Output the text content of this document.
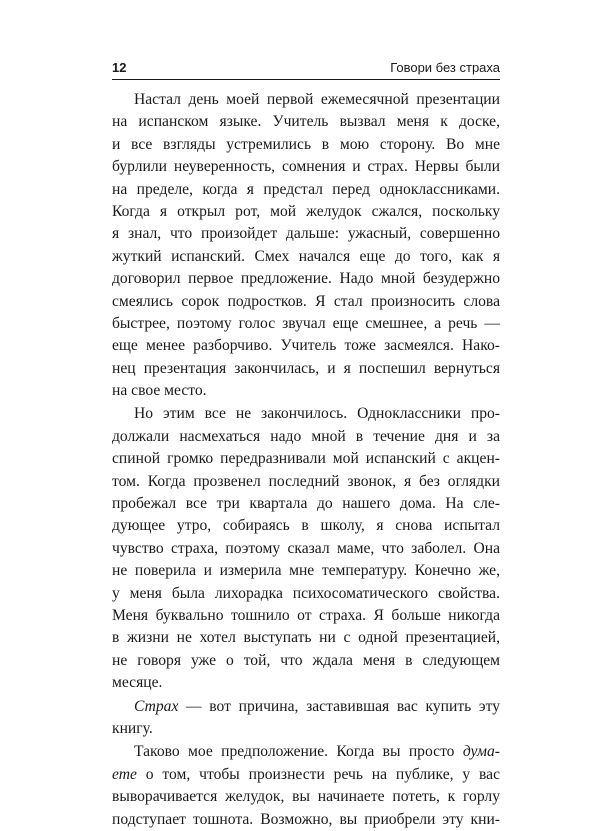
12	Говори без страха
Настал день моей первой ежемесячной презентации
на испанском языке. Учитель вызвал меня к доске,
и все взгляды устремились в мою сторону. Во мне
бурлили неуверенность, сомнения и страх. Нервы были
на пределе, когда я предстал перед одноклассниками.
Когда я открыл рот, мой желудок сжался, поскольку
я знал, что произойдет дальше: ужасный, совершенно
жуткий испанский. Смех начался еще до того, как я
договорил первое предложение. Надо мной безудержно
смеялись сорок подростков. Я стал произносить слова
быстрее, поэтому голос звучал еще смешнее, а речь —
еще менее разборчиво. Учитель тоже засмеялся. Нако-
нец презентация закончилась, и я поспешил вернуться
на свое место.
Но этим все не закончилось. Одноклассники про-
должали насмехаться надо мной в течение дня и за
спиной громко передразнивали мой испанский с акцен-
том. Когда прозвенел последний звонок, я без оглядки
пробежал все три квартала до нашего дома. На сле-
дующее утро, собираясь в школу, я снова испытал
чувство страха, поэтому сказал маме, что заболел. Она
не поверила и измерила мне температуру. Конечно же,
у меня была лихорадка психосоматического свойства.
Меня буквально тошнило от страха. Я больше никогда
в жизни не хотел выступать ни с одной презентацией,
не говоря уже о той, что ждала меня в следующем
месяце.
Страх — вот причина, заставившая вас купить эту
книгу.
Таково мое предположение. Когда вы просто дума-
ете о том, чтобы произнести речь на публике, у вас
выворачивается желудок, вы начинаете потеть, к горлу
подступает тошнота. Возможно, вы приобрели эту кни-
